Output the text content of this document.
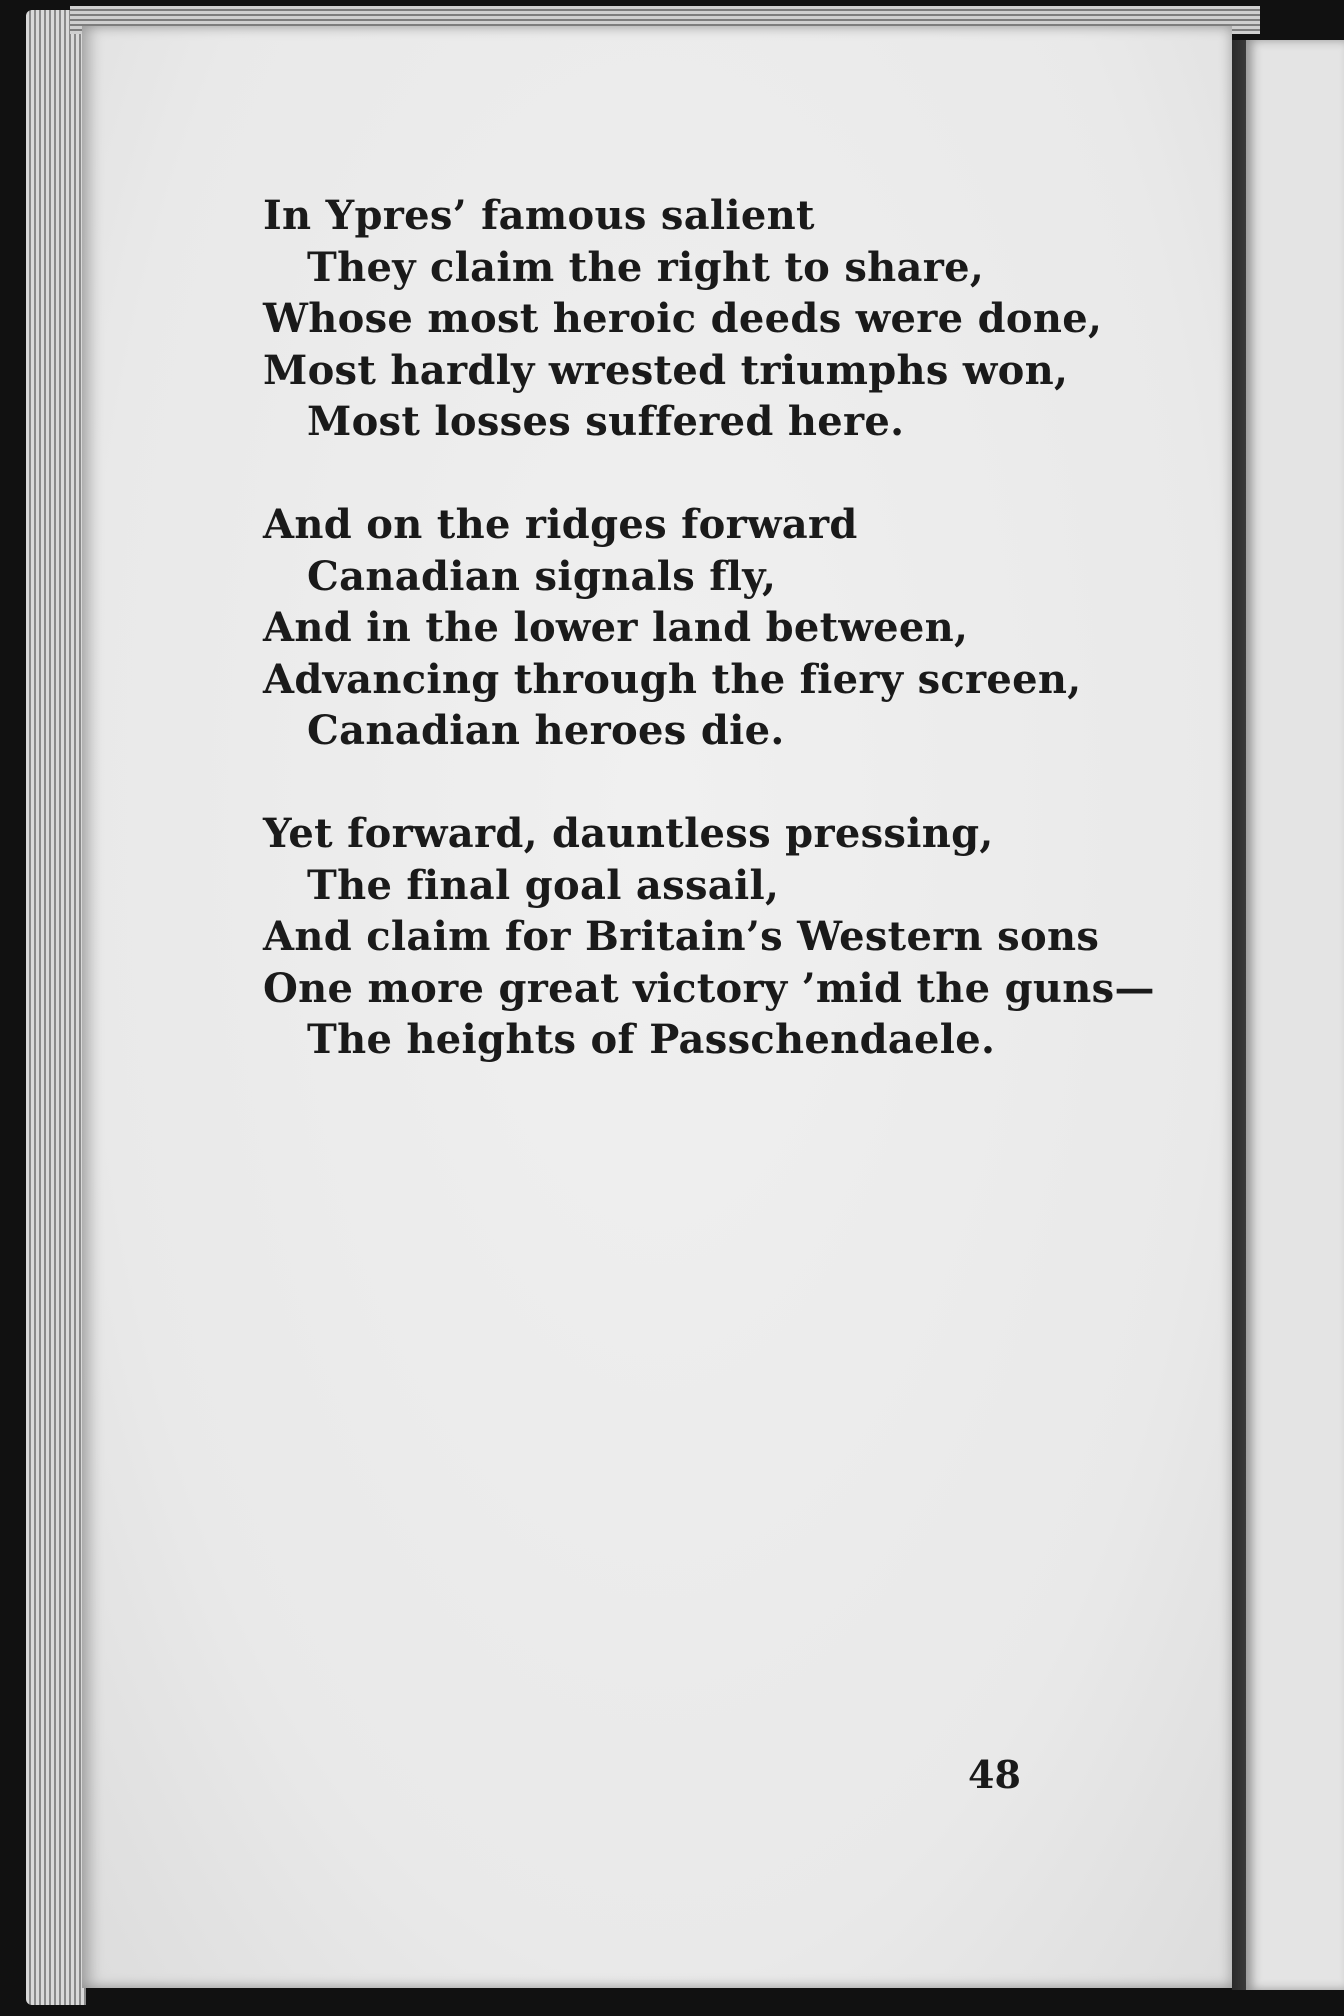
In Ypres’ famous salient
They claim the right to share,
Whose most heroic deeds were done,
Most hardly wrested triumphs won,
Most losses suffered here.
And on the ridges forward
Canadian signals fly,
And in the lower land between,
Advancing through the fiery screen,
Canadian heroes die.
Yet forward, dauntless pressing,
The final goal assail,
And claim for Britain’s Western sons
One more great victory ’mid the guns—
The heights of Passchendaele.
48
